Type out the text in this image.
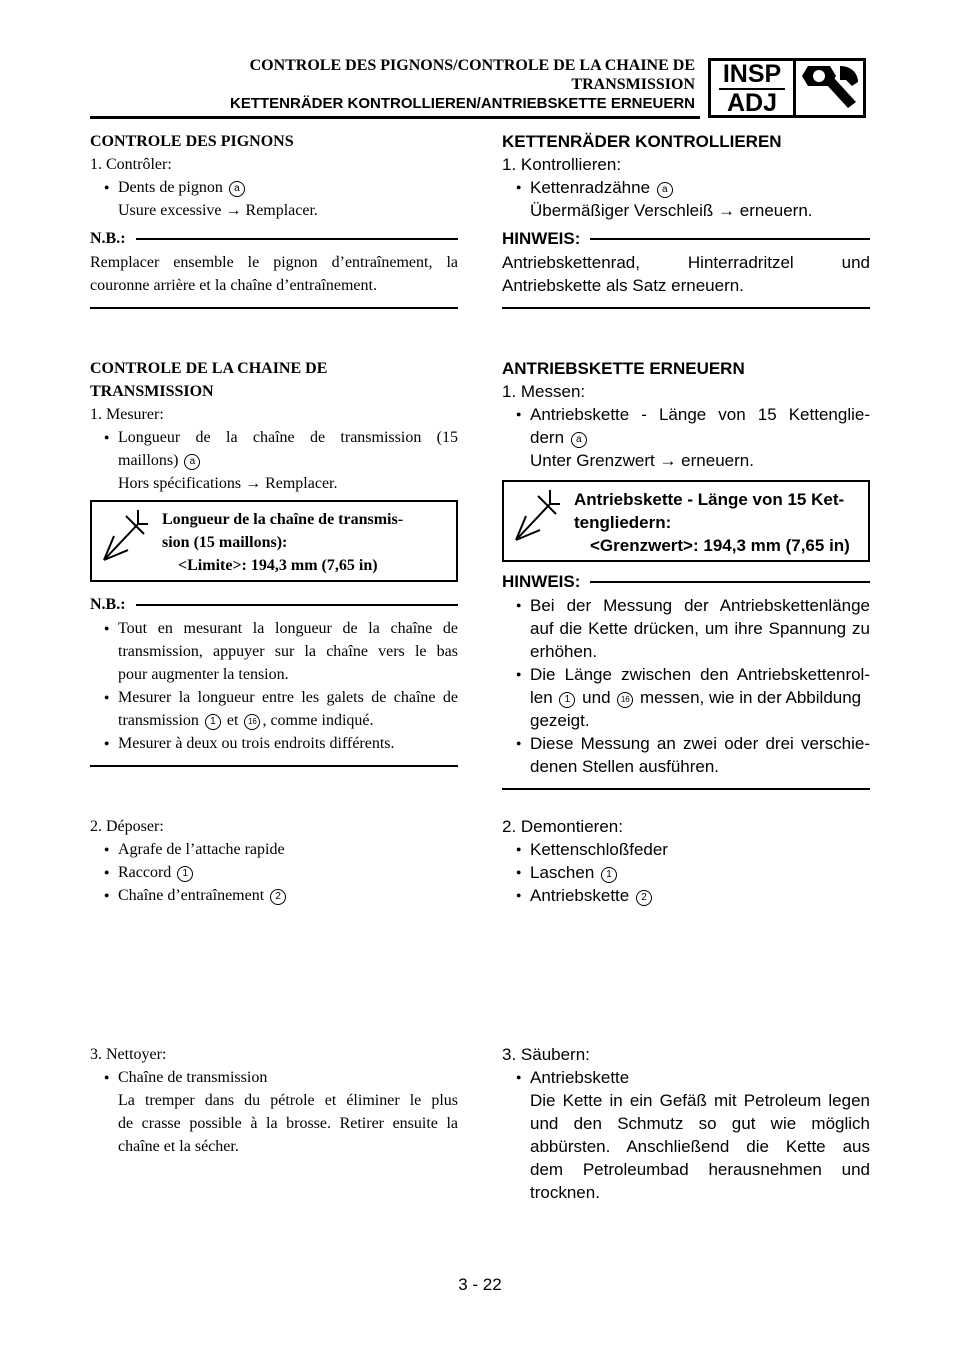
CONTROLE DES PIGNONS/CONTROLE DE LA CHAINE DE
TRANSMISSION
KETTENRÄDER KONTROLLIEREN/ANTRIEBSKETTE ERNEUERN
INSP
ADJ
CONTROLE DES PIGNONS
1. Contrôler:
● Dents de pignon a
Usure excessive → Remplacer.
N.B.:
Remplacer ensemble le pignon d’entraînement, la
couronne arrière et la chaîne d’entraînement.
CONTROLE DE LA CHAINE DE
TRANSMISSION
1. Mesurer:
● Longueur de la chaîne de transmission (15
maillons) a
Hors spécifications → Remplacer.
Longueur de la chaîne de transmis-
sion (15 maillons):
<Limite>: 194,3 mm (7,65 in)
N.B.:
● Tout en mesurant la longueur de la chaîne de
transmission, appuyer sur la chaîne vers le bas
pour augmenter la tension.
● Mesurer la longueur entre les galets de chaîne de
transmission 1 et 16 , comme indiqué.
● Mesurer à deux ou trois endroits différents.
2. Déposer:
● Agrafe de l’attache rapide
● Raccord 1
● Chaîne d’entraînement 2
3. Nettoyer:
● Chaîne de transmission
La tremper dans du pétrole et éliminer le plus
de crasse possible à la brosse. Retirer ensuite la
chaîne et la sécher.
KETTENRÄDER KONTROLLIEREN
1. Kontrollieren:
● Kettenradzähne a
Übermäßiger Verschleiß → erneuern.
HINWEIS:
Antriebskettenrad, Hinterradritzel und
Antriebskette als Satz erneuern.
ANTRIEBSKETTE ERNEUERN
1. Messen:
● Antriebskette - Länge von 15 Kettenglie-
dern a
Unter Grenzwert → erneuern.
Antriebskette - Länge von 15 Ket-
tengliedern:
<Grenzwert>: 194,3 mm (7,65 in)
HINWEIS:
● Bei der Messung der Antriebskettenlänge
auf die Kette drücken, um ihre Spannung zu
erhöhen.
● Die Länge zwischen den Antriebskettenrol-
len 1 und 16 messen, wie in der Abbildung
gezeigt.
● Diese Messung an zwei oder drei verschie-
denen Stellen ausführen.
2. Demontieren:
● Kettenschloßfeder
● Laschen 1
● Antriebskette 2
3. Säubern:
● Antriebskette
Die Kette in ein Gefäß mit Petroleum legen
und den Schmutz so gut wie möglich
abbürsten. Anschließend die Kette aus
dem Petroleumbad herausnehmen und
trocknen.
3 - 22
